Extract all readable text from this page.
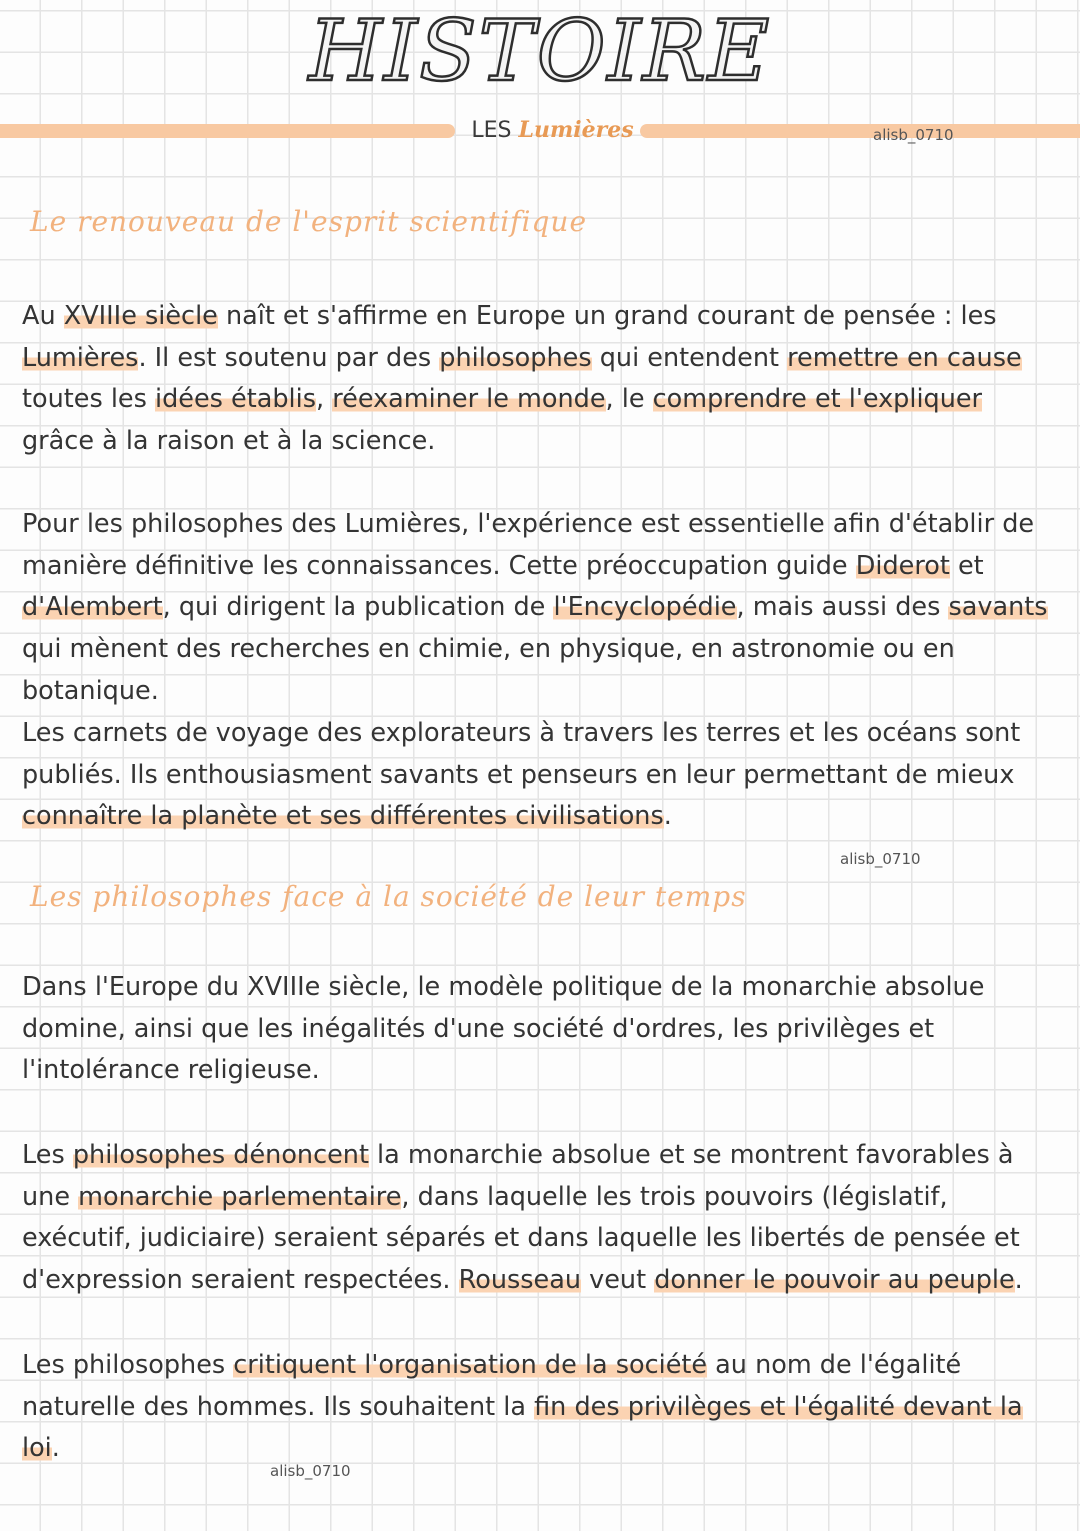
HISTOIRE
LES Lumières	alisb_0710
Le renouveau de l'esprit scientifique

Au XVIIIe siècle naît et s'affirme en Europe un grand courant de pensée : les Lumières. Il est soutenu par des philosophes qui entendent remettre en cause toutes les idées établis, réexaminer le monde, le comprendre et l'expliquer grâce à la raison et à la science.

Pour les philosophes des Lumières, l'expérience est essentielle afin d'établir de manière définitive les connaissances. Cette préoccupation guide Diderot et d'Alembert, qui dirigent la publication de l'Encyclopédie, mais aussi des savants qui mènent des recherches en chimie, en physique, en astronomie ou en botanique.

Les carnets de voyage des explorateurs à travers les terres et les océans sont publiés. Ils enthousiasment savants et penseurs en leur permettant de mieux connaître la planète et ses différentes civilisations.

alisb_0710
Les philosophes face à la société de leur temps

Dans l'Europe du XVIIIe siècle, le modèle politique de la monarchie absolue domine, ainsi que les inégalités d'une société d'ordres, les privilèges et l'intolérance religieuse.

Les philosophes dénoncent la monarchie absolue et se montrent favorables à une monarchie parlementaire, dans laquelle les trois pouvoirs (législatif, exécutif, judiciaire) seraient séparés et dans laquelle les libertés de pensée et d'expression seraient respectées. Rousseau veut donner le pouvoir au peuple.

Les philosophes critiquent l'organisation de la société au nom de l'égalité naturelle des hommes. Ils souhaitent la fin des privilèges et l'égalité devant la loi.

alisb_0710
